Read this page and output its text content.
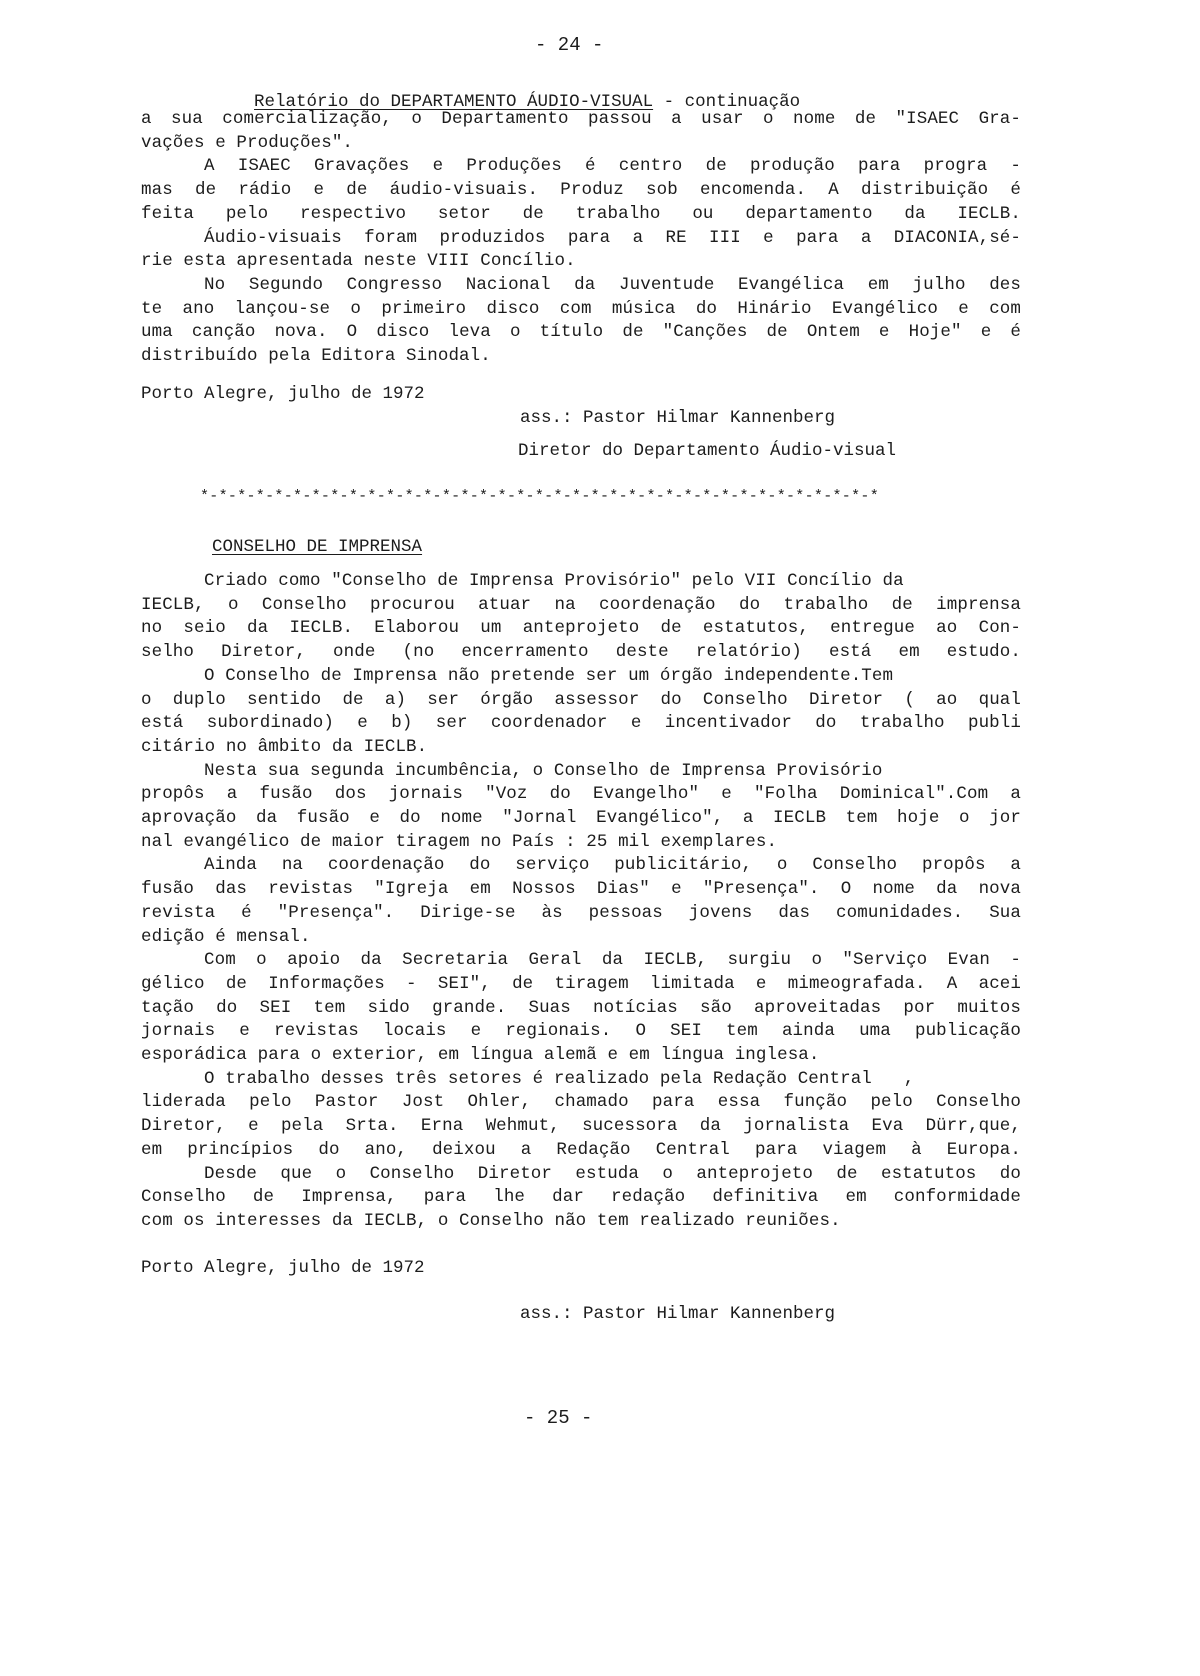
- 24 -

Relatório do DEPARTAMENTO ÁUDIO-VISUAL - continuação

a sua comercialização, o Departamento passou a usar o nome de "ISAEC Gra-
vações e Produções".
A ISAEC Gravações e Produções é centro de produção para progra -
mas de rádio e de áudio-visuais. Produz sob encomenda. A distribuição é
feita pelo respectivo setor de trabalho ou departamento da IECLB.
Áudio-visuais foram produzidos para a RE III e para a DIACONIA,sé-
rie esta apresentada neste VIII Concílio.
No Segundo Congresso Nacional da Juventude Evangélica em julho des
te ano lançou-se o primeiro disco com música do Hinário Evangélico e com
uma canção nova. O disco leva o título de "Canções de Ontem e Hoje" e é
distribuído pela Editora Sinodal.
Porto Alegre, julho de 1972
ass.: Pastor Hilmar Kannenberg
Diretor do Departamento Áudio-visual
*-*-*-*-*-*-*-*-*-*-*-*-*-*-*-*-*-*-*-*-*-*-*-*-*-*-*-*-*-*-*-*-*-*-*-*-*
CONSELHO DE IMPRENSA
Criado como "Conselho de Imprensa Provisório" pelo VII Concílio da
IECLB, o Conselho procurou atuar na coordenação do trabalho de imprensa
no seio da IECLB. Elaborou um anteprojeto de estatutos, entregue ao Con-
selho Diretor, onde (no encerramento deste relatório) está em estudo.
O Conselho de Imprensa não pretende ser um órgão independente.Tem
o duplo sentido de a) ser órgão assessor do Conselho Diretor ( ao qual
está subordinado) e b) ser coordenador e incentivador do trabalho publi
citário no âmbito da IECLB.
Nesta sua segunda incumbência, o Conselho de Imprensa Provisório
propôs a fusão dos jornais "Voz do Evangelho" e "Folha Dominical".Com a
aprovação da fusão e do nome "Jornal Evangélico", a IECLB tem hoje o jor
nal evangélico de maior tiragem no País : 25 mil exemplares.
Ainda na coordenação do serviço publicitário, o Conselho propôs a
fusão das revistas "Igreja em Nossos Dias" e "Presença". O nome da nova
revista é "Presença". Dirige-se às pessoas jovens das comunidades. Sua
edição é mensal.
Com o apoio da Secretaria Geral da IECLB, surgiu o "Serviço Evan -
gélico de Informações - SEI", de tiragem limitada e mimeografada. A acei
tação do SEI tem sido grande. Suas notícias são aproveitadas por muitos
jornais e revistas locais e regionais. O SEI tem ainda uma publicação
esporádica para o exterior, em língua alemã e em língua inglesa.
O trabalho desses três setores é realizado pela Redação Central   ,
liderada pelo Pastor Jost Ohler, chamado para essa função pelo Conselho
Diretor, e pela Srta. Erna Wehmut, sucessora da jornalista Eva Dürr,que,
em princípios do ano, deixou a Redação Central para viagem à Europa.
Desde que o Conselho Diretor estuda o anteprojeto de estatutos do
Conselho de Imprensa, para lhe dar redação definitiva em conformidade
com os interesses da IECLB, o Conselho não tem realizado reuniões.
Porto Alegre, julho de 1972
ass.: Pastor Hilmar Kannenberg
- 25 -
